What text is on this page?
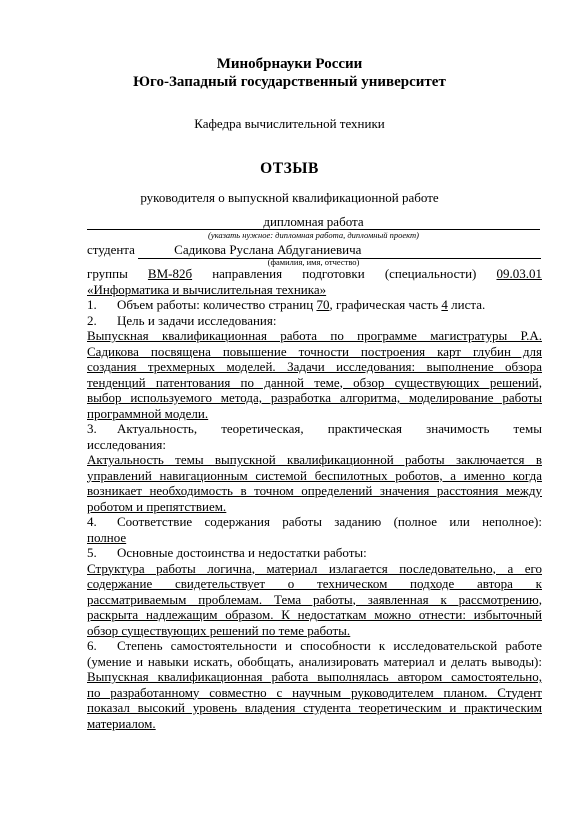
Минобрнауки России
Юго-Западный государственный университет
Кафедра вычислительной техники
ОТЗЫВ
руководителя о выпускной квалификационной работе
дипломная работа
(указать нужное: дипломная работа, дипломный проект)
студента	Садикова Руслана Абдуганиевича
(фамилия, имя, отчество)
группы ВМ-82б направления подготовки (специальности) 09.03.01
«Информатика и вычислительная техника»
1. Объем работы: количество страниц 70, графическая часть 4 листа.
2. Цель и задачи исследования:
Выпускная квалификационная работа по программе магистратуры Р.А.
Садикова посвящена повышение точности построения карт глубин для
создания трехмерных моделей. Задачи исследования: выполнение обзора
тенденций патентования по данной теме, обзор существующих решений,
выбор используемого метода, разработка алгоритма, моделирование работы
программной модели.
3. Актуальность, теоретическая, практическая значимость темы
исследования:
Актуальность темы выпускной квалификационной работы заключается в
управлений навигационным системой беспилотных роботов, а именно когда
возникает необходимость в точном определений значения расстояния между
роботом и препятствием.
4.	Соответствие содержания работы заданию (полное или неполное):
полное
5. Основные достоинства и недостатки работы:
Структура работы логична, материал излагается последовательно, а его
содержание свидетельствует о техническом подходе автора к
рассматриваемым проблемам. Тема работы, заявленная к рассмотрению,
раскрыта надлежащим образом. К недостаткам можно отнести: избыточный
обзор существующих решений по теме работы.
6.	Степень самостоятельности и способности к исследовательской работе
(умение и навыки искать, обобщать, анализировать материал и делать выводы):
Выпускная квалификационная работа выполнялась автором самостоятельно,
по разработанному совместно с научным руководителем планом. Студент
показал высокий уровень владения студента теоретическим и практическим
материалом.
